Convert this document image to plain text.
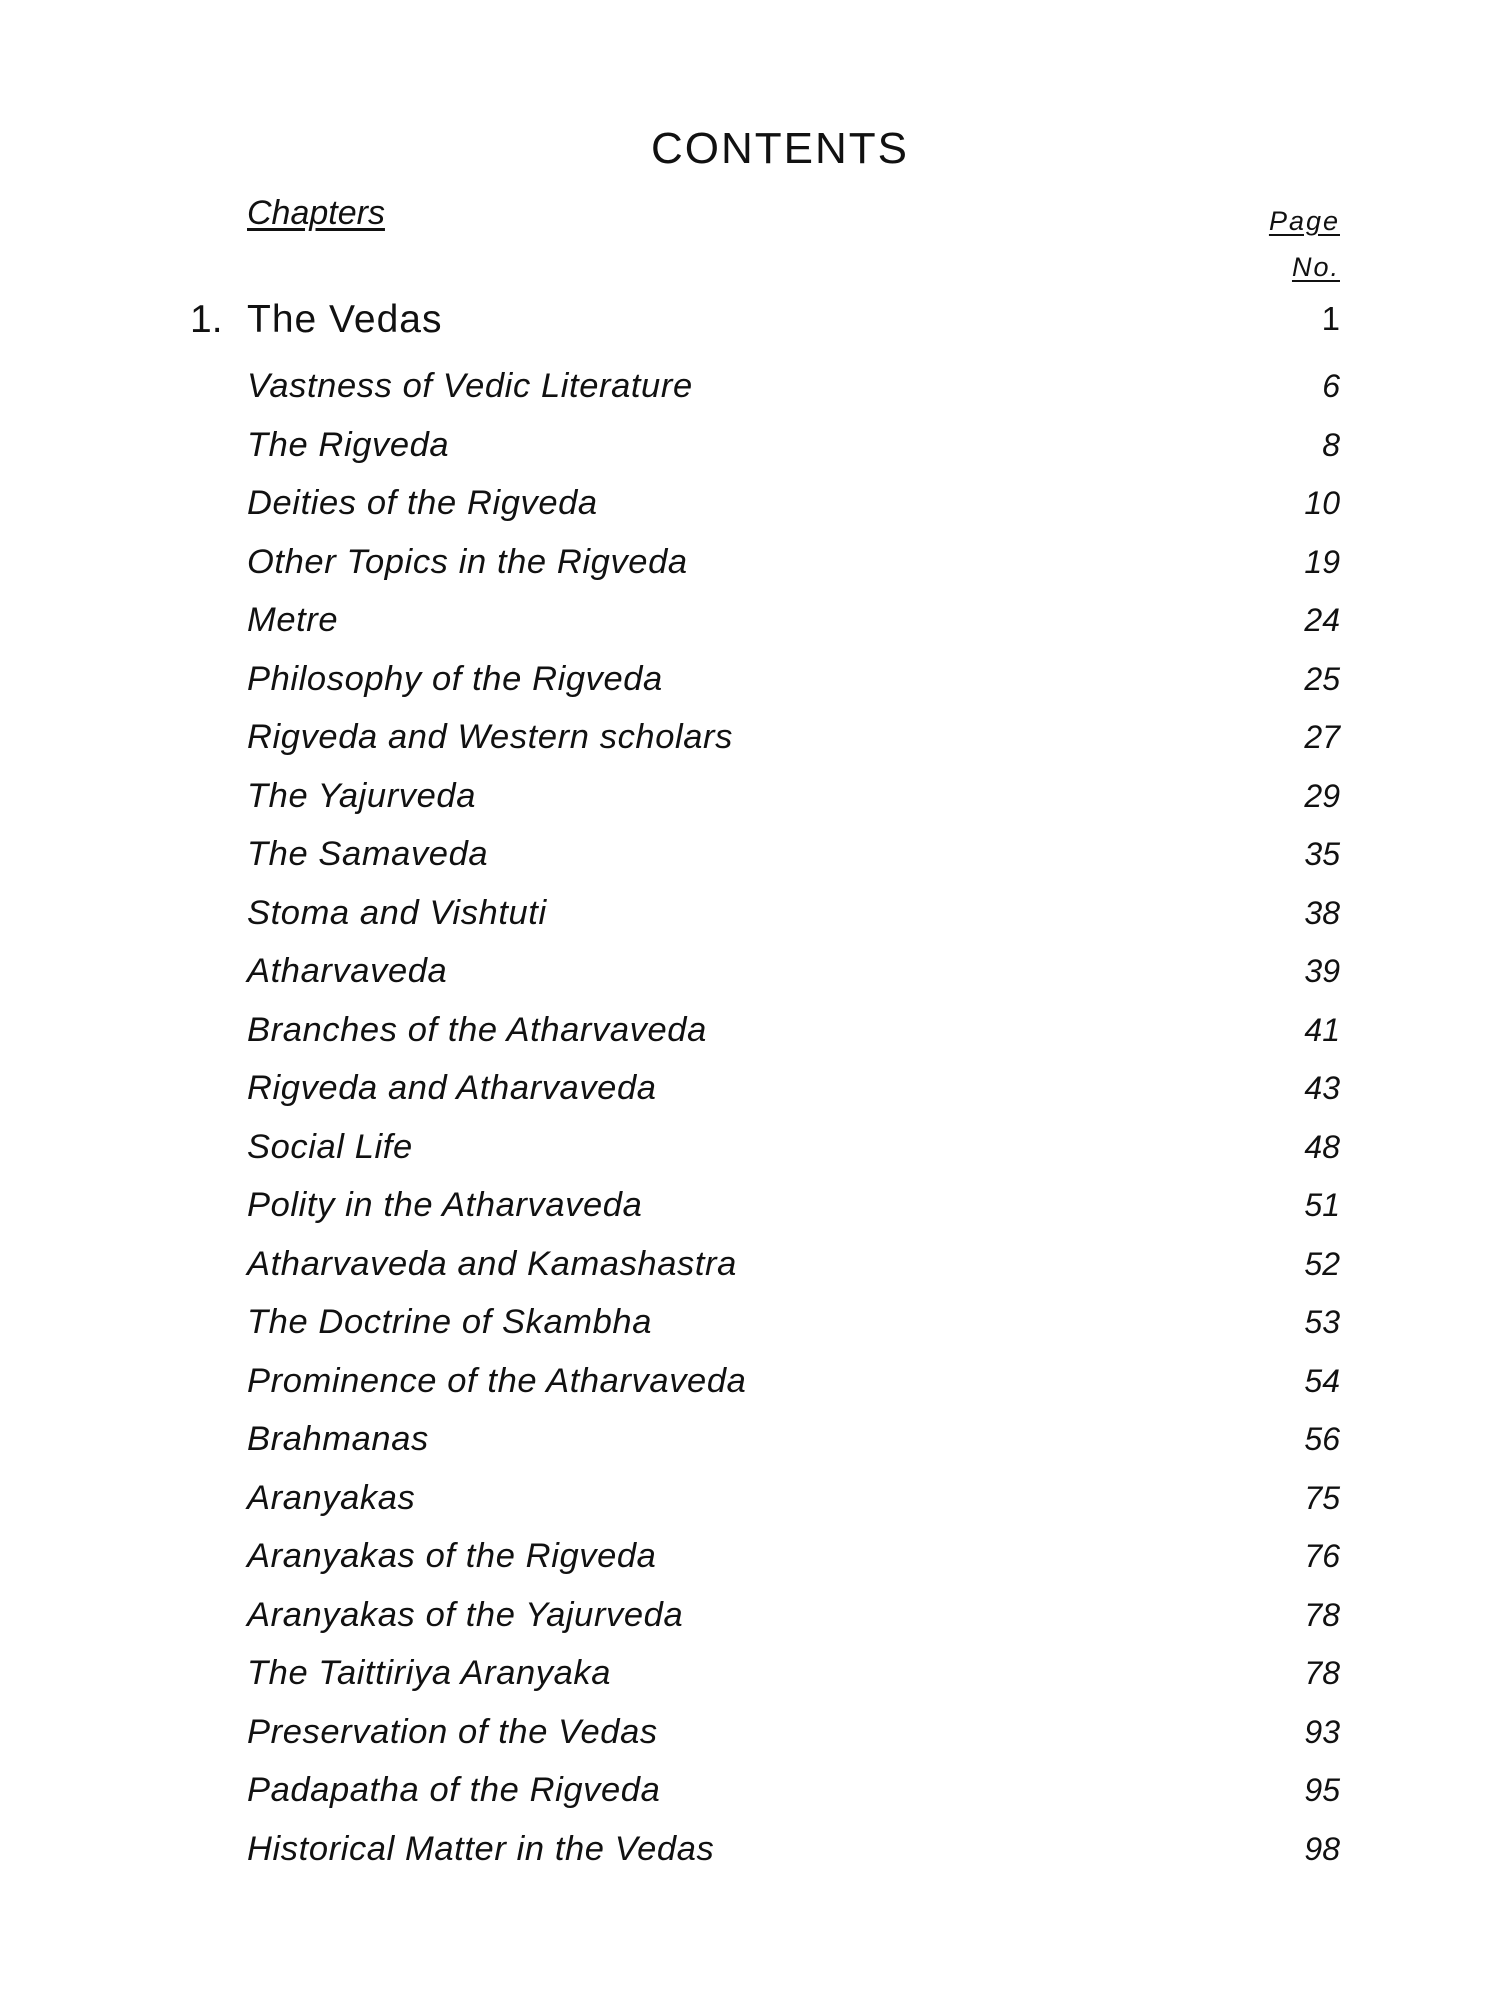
CONTENTS
Chapters	Page
No.
1. The Vedas	1
Vastness of Vedic Literature	6
The Rigveda	8
Deities of the Rigveda	10
Other Topics in the Rigveda	19
Metre	24
Philosophy of the Rigveda	25
Rigveda and Western scholars	27
The Yajurveda	29
The Samaveda	35
Stoma and Vishtuti	38
Atharvaveda	39
Branches of the Atharvaveda	41
Rigveda and Atharvaveda	43
Social Life	48
Polity in the Atharvaveda	51
Atharvaveda and Kamashastra	52
The Doctrine of Skambha	53
Prominence of the Atharvaveda	54
Brahmanas	56
Aranyakas	75
Aranyakas of the Rigveda	76
Aranyakas of the Yajurveda	78
The Taittiriya Aranyaka	78
Preservation of the Vedas	93
Padapatha of the Rigveda	95
Historical Matter in the Vedas	98
